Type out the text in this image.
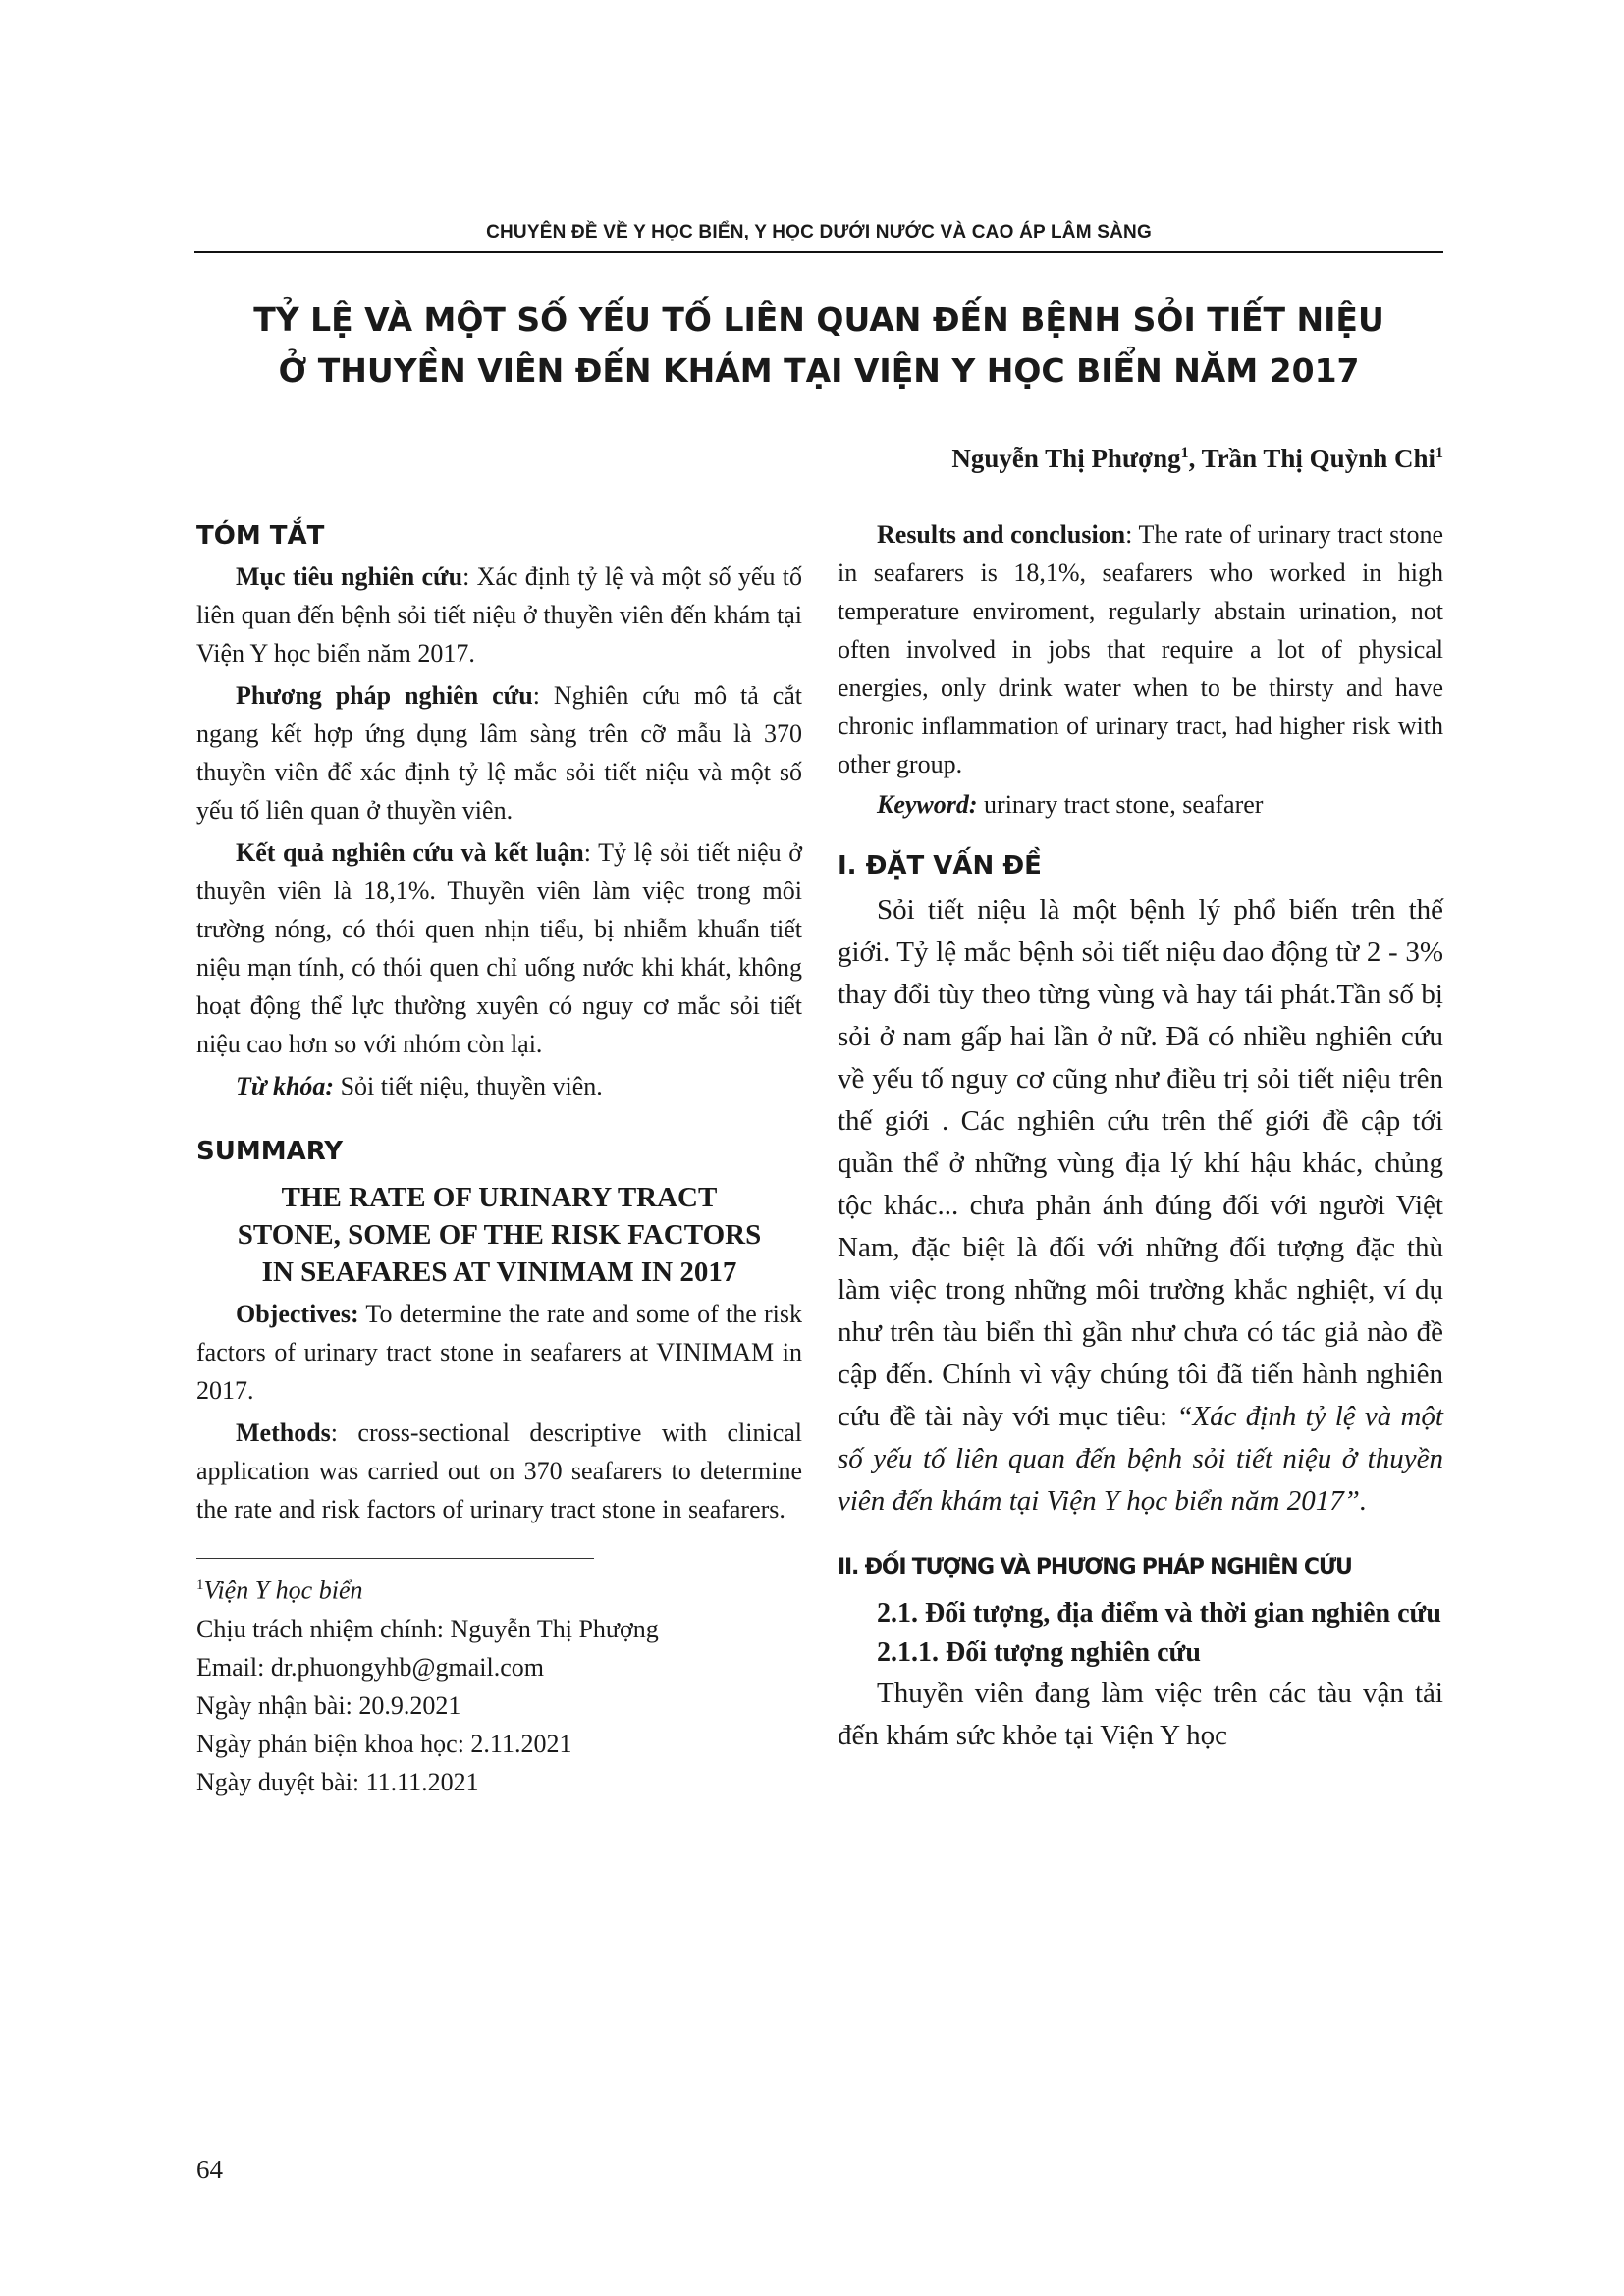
CHUYÊN ĐỀ VỀ Y HỌC BIỂN, Y HỌC DƯỚI NƯỚC VÀ CAO ÁP LÂM SÀNG
TỶ LỆ VÀ MỘT SỐ YẾU TỐ LIÊN QUAN ĐẾN BỆNH SỎI TIẾT NIỆU
Ở THUYỀN VIÊN ĐẾN KHÁM TẠI VIỆN Y HỌC BIỂN NĂM 2017
Nguyễn Thị Phượng$^1$, Trần Thị Quỳnh Chi$^1$
TÓM TẮT

Mục tiêu nghiên cứu: Xác định tỷ lệ và một số yếu tố liên quan đến bệnh sỏi tiết niệu ở thuyền viên đến khám tại Viện Y học biển năm 2017.

Phương pháp nghiên cứu: Nghiên cứu mô tả cắt ngang kết hợp ứng dụng lâm sàng trên cỡ mẫu là 370 thuyền viên để xác định tỷ lệ mắc sỏi tiết niệu và một số yếu tố liên quan ở thuyền viên.

Kết quả nghiên cứu và kết luận: Tỷ lệ sỏi tiết niệu ở thuyền viên là 18,1%. Thuyền viên làm việc trong môi trường nóng, có thói quen nhịn tiểu, bị nhiễm khuẩn tiết niệu mạn tính, có thói quen chỉ uống nước khi khát, không hoạt động thể lực thường xuyên có nguy cơ mắc sỏi tiết niệu cao hơn so với nhóm còn lại.

Từ khóa: Sỏi tiết niệu, thuyền viên.

SUMMARY

THE RATE OF URINARY TRACT STONE, SOME OF THE RISK FACTORS IN SEAFARES AT VINIMAM IN 2017

Objectives: To determine the rate and some of the risk factors of urinary tract stone in seafarers at VINIMAM in 2017.

Methods: cross-sectional descriptive with clinical application was carried out on 370 seafarers to determine the rate and risk factors of urinary tract stone in seafarers.

$^1$Viện Y học biển

Chịu trách nhiệm chính: Nguyễn Thị Phượng

Email: dr.phuongyhb@gmail.com

Ngày nhận bài: 20.9.2021

Ngày phản biện khoa học: 2.11.2021

Ngày duyệt bài: 11.11.2021

Results and conclusion: The rate of urinary tract stone in seafarers is 18,1%, seafarers who worked in high temperature enviroment, regularly abstain urination, not often involved in jobs that require a lot of physical energies, only drink water when to be thirsty and have chronic inflammation of urinary tract, had higher risk with other group.

Keyword: urinary tract stone, seafarer

I. ĐẶT VẤN ĐỀ

Sỏi tiết niệu là một bệnh lý phổ biến trên thế giới. Tỷ lệ mắc bệnh sỏi tiết niệu dao động từ 2 - 3% thay đổi tùy theo từng vùng và hay tái phát.Tần số bị sỏi ở nam gấp hai lần ở nữ. Đã có nhiều nghiên cứu về yếu tố nguy cơ cũng như điều trị sỏi tiết niệu trên thế giới . Các nghiên cứu trên thế giới đề cập tới quần thể ở những vùng địa lý khí hậu khác, chủng tộc khác... chưa phản ánh đúng đối với người Việt Nam, đặc biệt là đối với những đối tượng đặc thù làm việc trong những môi trường khắc nghiệt, ví dụ như trên tàu biển thì gần như chưa có tác giả nào đề cập đến. Chính vì vậy chúng tôi đã tiến hành nghiên cứu đề tài này với mục tiêu: “Xác định tỷ lệ và một số yếu tố liên quan đến bệnh sỏi tiết niệu ở thuyền viên đến khám tại Viện Y học biển năm 2017”.

II. ĐỐI TƯỢNG VÀ PHƯƠNG PHÁP NGHIÊN CỨU

2.1. Đối tượng, địa điểm và thời gian nghiên cứu

2.1.1. Đối tượng nghiên cứu

Thuyền viên đang làm việc trên các tàu vận tải đến khám sức khỏe tại Viện Y học

64
